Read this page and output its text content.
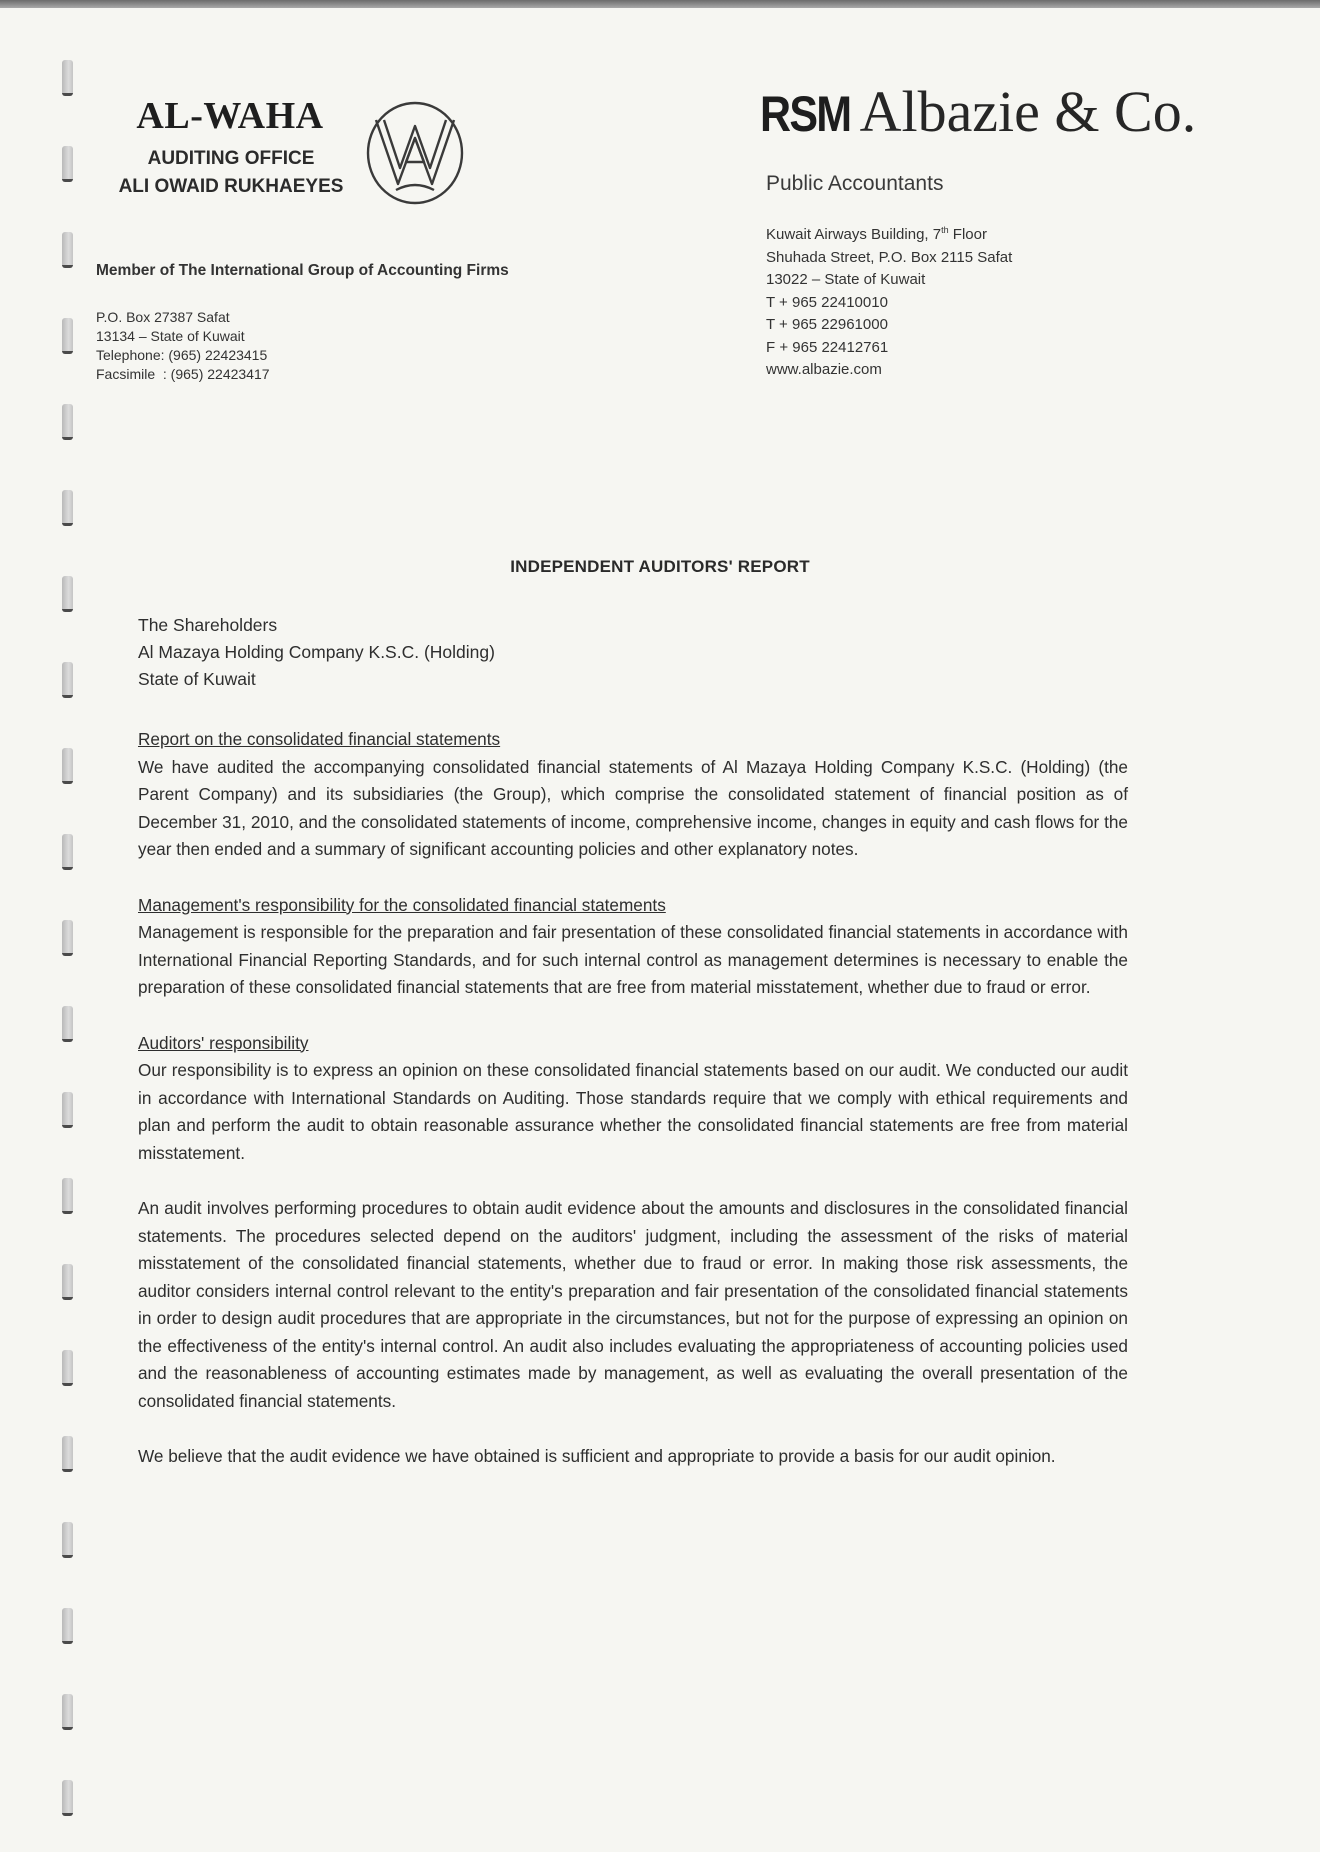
AL-WAHA
AUDITING OFFICE
ALI OWAID RUKHAEYES
Member of The International Group of Accounting Firms
P.O. Box 27387 Safat
13134 – State of Kuwait
Telephone: (965) 22423415
Facsimile  : (965) 22423417
RSM Albazie & Co.
Public Accountants
Kuwait Airways Building, 7th Floor
Shuhada Street, P.O. Box 2115 Safat
13022 – State of Kuwait
T + 965 22410010
T + 965 22961000
F + 965 22412761
www.albazie.com
INDEPENDENT AUDITORS' REPORT
The Shareholders
Al Mazaya Holding Company K.S.C. (Holding)
State of Kuwait

Report on the consolidated financial statements

We have audited the accompanying consolidated financial statements of Al Mazaya Holding Company K.S.C. (Holding) (the Parent Company) and its subsidiaries (the Group), which comprise the consolidated statement of financial position as of December 31, 2010, and the consolidated statements of income, comprehensive income, changes in equity and cash flows for the year then ended and a summary of significant accounting policies and other explanatory notes.

Management's responsibility for the consolidated financial statements

Management is responsible for the preparation and fair presentation of these consolidated financial statements in accordance with International Financial Reporting Standards, and for such internal control as management determines is necessary to enable the preparation of these consolidated financial statements that are free from material misstatement, whether due to fraud or error.

Auditors' responsibility

Our responsibility is to express an opinion on these consolidated financial statements based on our audit. We conducted our audit in accordance with International Standards on Auditing. Those standards require that we comply with ethical requirements and plan and perform the audit to obtain reasonable assurance whether the consolidated financial statements are free from material misstatement.

An audit involves performing procedures to obtain audit evidence about the amounts and disclosures in the consolidated financial statements. The procedures selected depend on the auditors' judgment, including the assessment of the risks of material misstatement of the consolidated financial statements, whether due to fraud or error. In making those risk assessments, the auditor considers internal control relevant to the entity's preparation and fair presentation of the consolidated financial statements in order to design audit procedures that are appropriate in the circumstances, but not for the purpose of expressing an opinion on the effectiveness of the entity's internal control. An audit also includes evaluating the appropriateness of accounting policies used and the reasonableness of accounting estimates made by management, as well as evaluating the overall presentation of the consolidated financial statements.

We believe that the audit evidence we have obtained is sufficient and appropriate to provide a basis for our audit opinion.
